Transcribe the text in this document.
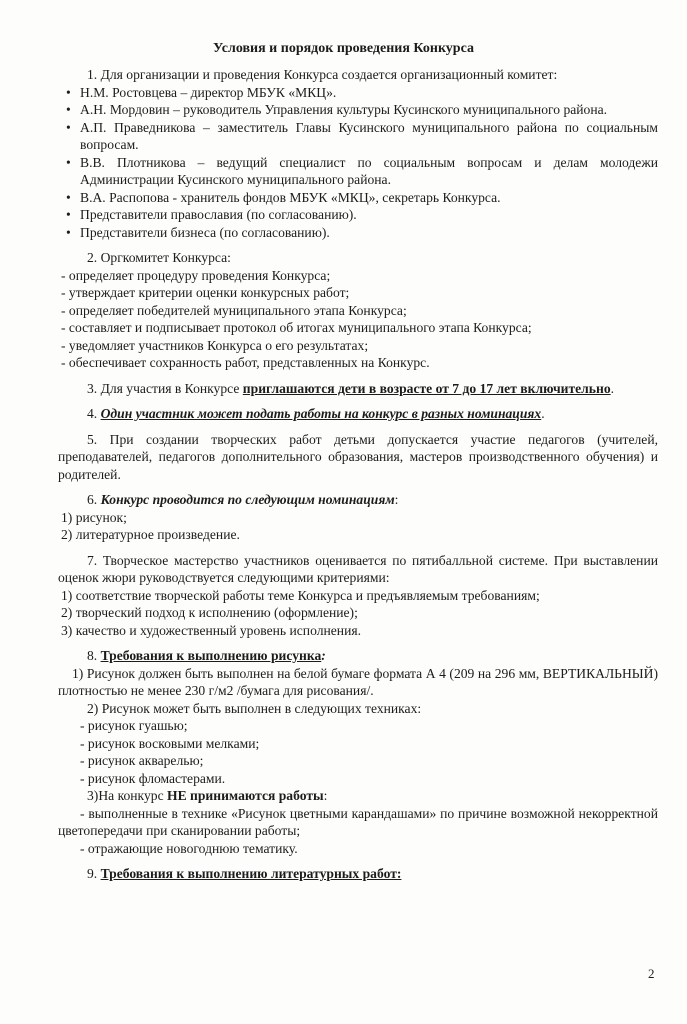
Условия и порядок проведения Конкурса

1. Для организации и проведения Конкурса создается организационный комитет:

• Н.М. Ростовцева – директор МБУК «МКЦ».

• А.Н. Мордовин – руководитель Управления культуры Кусинского муниципального района.

• А.П. Праведникова – заместитель Главы Кусинского муниципального района по социальным вопросам.

• В.В. Плотникова – ведущий специалист по социальным вопросам и делам молодежи Администрации Кусинского муниципального района.

• В.А. Распопова - хранитель фондов МБУК «МКЦ», секретарь Конкурса.

• Представители православия (по согласованию).

• Представители бизнеса (по согласованию).

2. Оргкомитет Конкурса:

- определяет процедуру проведения Конкурса;

- утверждает критерии оценки конкурсных работ;

- определяет победителей муниципального этапа Конкурса;

- составляет и подписывает протокол об итогах муниципального этапа Конкурса;

- уведомляет участников Конкурса о его результатах;

- обеспечивает сохранность работ, представленных на Конкурс.

3. Для участия в Конкурсе приглашаются дети в возрасте от 7 до 17 лет включительно.

4. Один участник может подать работы на конкурс в разных номинациях.

5. При создании творческих работ детьми допускается участие педагогов (учителей, преподавателей, педагогов дополнительного образования, мастеров производственного обучения) и родителей.

6. Конкурс проводится по следующим номинациям:

1) рисунок;

2) литературное произведение.

7. Творческое мастерство участников оценивается по пятибалльной системе. При выставлении оценок жюри руководствуется следующими критериями:

1) соответствие творческой работы теме Конкурса и предъявляемым требованиям;

2) творческий подход к исполнению (оформление);

3) качество и художественный уровень исполнения.

8. Требования к выполнению рисунка:

1) Рисунок должен быть выполнен на белой бумаге формата А 4 (209 на 296 мм, ВЕРТИКАЛЬНЫЙ) плотностью не менее 230 г/м2 /бумага для рисования/.

2) Рисунок может быть выполнен в следующих техниках:

- рисунок гуашью;

- рисунок восковыми мелками;

- рисунок акварелью;

- рисунок фломастерами.

3)На конкурс НЕ принимаются работы:

- выполненные в технике «Рисунок цветными карандашами» по причине возможной некорректной цветопередачи при сканировании работы;

- отражающие новогоднюю тематику.

9. Требования к выполнению литературных работ:

2
